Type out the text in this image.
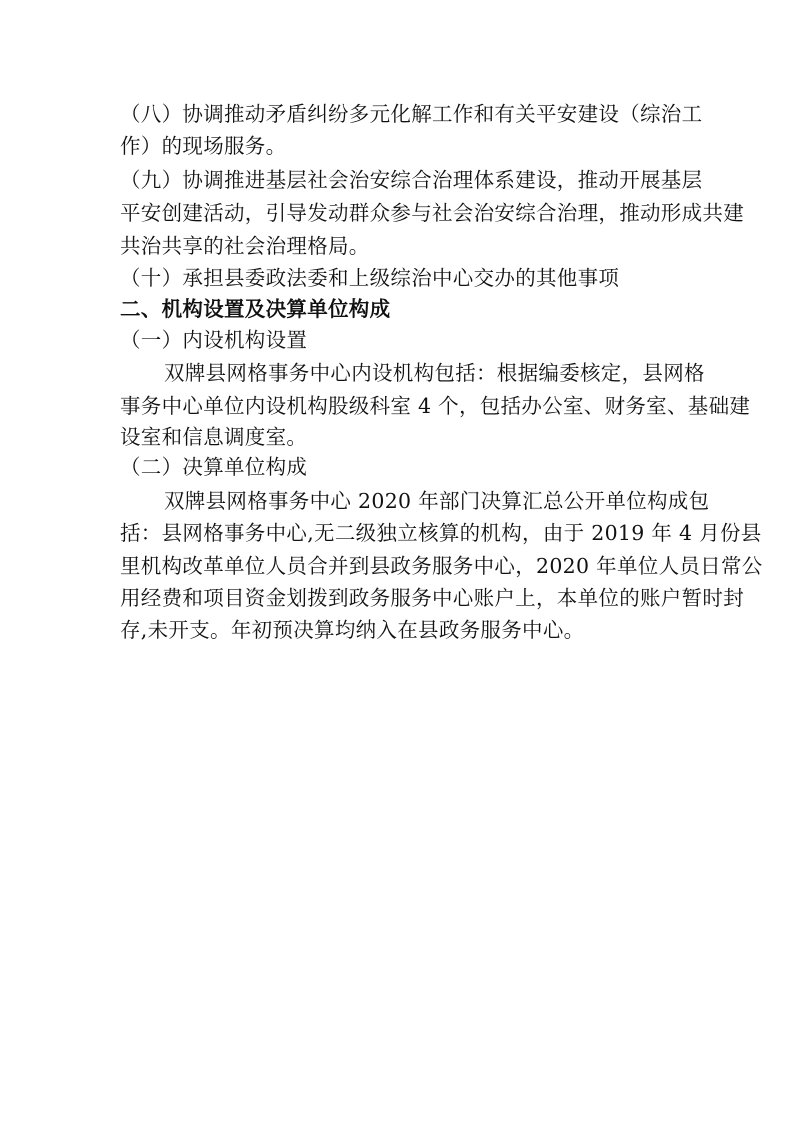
（八）协调推动矛盾纠纷多元化解工作和有关平安建设（综治工
作）的现场服务。
（九）协调推进基层社会治安综合治理体系建设，推动开展基层
平安创建活动，引导发动群众参与社会治安综合治理，推动形成共建
共治共享的社会治理格局。
（十）承担县委政法委和上级综治中心交办的其他事项
二、机构设置及决算单位构成
（一）内设机构设置
双牌县网格事务中心内设机构包括：根据编委核定，县网格
事务中心单位内设机构股级科室 4 个，包括办公室、财务室、基础建
设室和信息调度室。
（二）决算单位构成
双牌县网格事务中心 2020 年部门决算汇总公开单位构成包
括：县网格事务中心,无二级独立核算的机构，由于 2019 年 4 月份县
里机构改革单位人员合并到县政务服务中心，2020 年单位人员日常公
用经费和项目资金划拨到政务服务中心账户上，本单位的账户暂时封
存,未开支。年初预决算均纳入在县政务服务中心。
